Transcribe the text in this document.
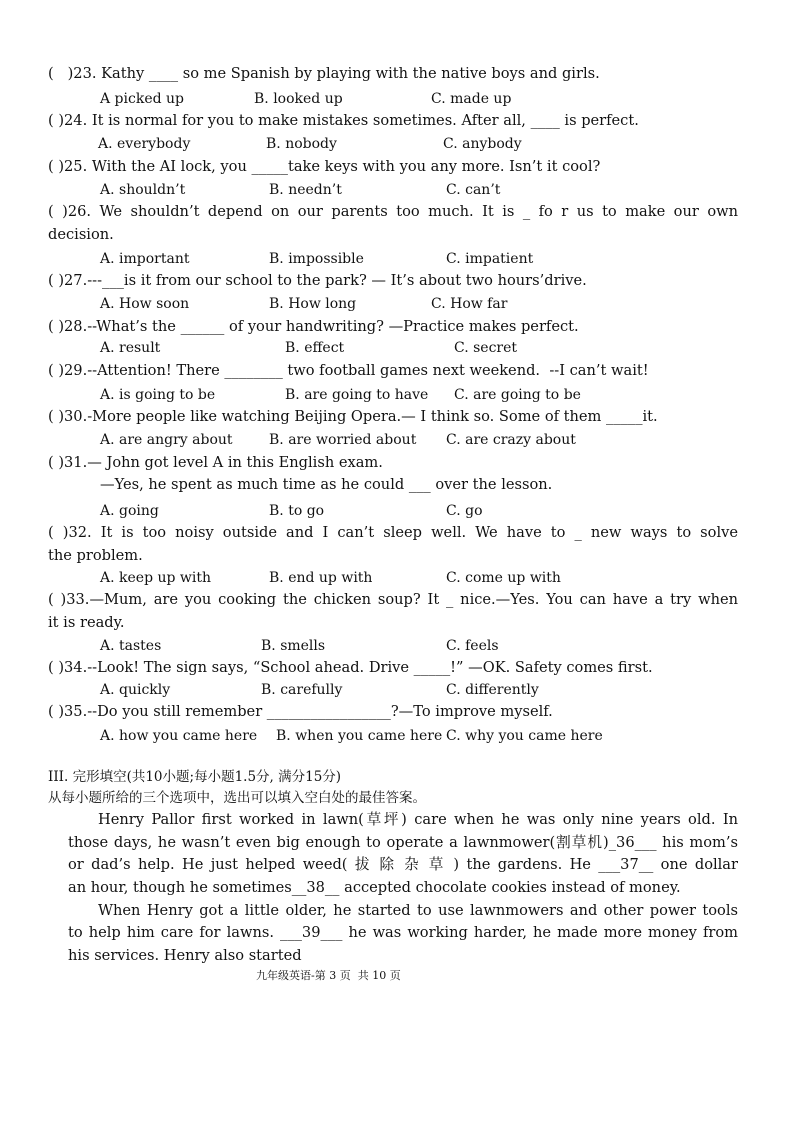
(   )23. Kathy ____ so me Spanish by playing with the native boys and girls.
A picked up	B. looked up	C. made up
( )24. It is normal for you to make mistakes sometimes. After all, ____ is perfect.
A. everybody	B. nobody	C. anybody
( )25. With the AI lock, you _____take keys with you any more. Isn’t it cool?
A. shouldn’t	B. needn’t	C. can’t
( )26. We shouldn’t depend on our parents too much. It is _ fo r us to make our own
decision.
A. important	B. impossible	C. impatient
( )27.---___is it from our school to the park? — It’s about two hours’drive.
A. How soon	B. How long	C. How far
( )28.--What’s the ______ of your handwriting? —Practice makes perfect.
A. result	B. effect	C. secret
( )29.--Attention! There ________ two football games next weekend.  --I can’t wait!
A. is going to be	B. are going to have C. are going to be
( )30.-More people like watching Beijing Opera.— I think so. Some of them _____it.
A. are angry about	B. are worried about C. are crazy about
( )31.— John got level A in this English exam.
—Yes, he spent as much time as he could ___ over the lesson.
A. going	B. to go	C. go
( )32. It is too noisy outside and I can’t sleep well. We have to _ new ways to solve
the problem.
A. keep up with	B. end up with	C. come up with
( )33.—Mum, are you cooking the chicken soup? It _ nice.—Yes. You can have a try when
it is ready.
A. tastes	B. smells	C. feels
( )34.--Look! The sign says, “School ahead. Drive _____!” —OK. Safety comes first.
A. quickly	B. carefully	C. differently
( )35.--Do you still remember _________________?—To improve myself.
A. how you came here B. when you came here C. why you came here
III. 完形填空(共10小题;每小题1.5分, 满分15分)
从每小题所给的三个选项中，选出可以填入空白处的最佳答案。
Henry Pallor first worked in lawn(草坪) care when he was only nine years old. In
those days, he wasn’t even big enough to operate a lawnmower(割草机)_36___ his mom’s
or dad’s help. He just helped weed( 拔 除 杂 草 ) the gardens. He ___37__ one dollar
an hour, though he sometimes__38__ accepted chocolate cookies instead of money.
When Henry got a little older, he started to use lawnmowers and other power tools
to help him care for lawns. ___39___ he was working harder, he made more money from
his services. Henry also started
九年级英语-第 3 页  共 10 页
